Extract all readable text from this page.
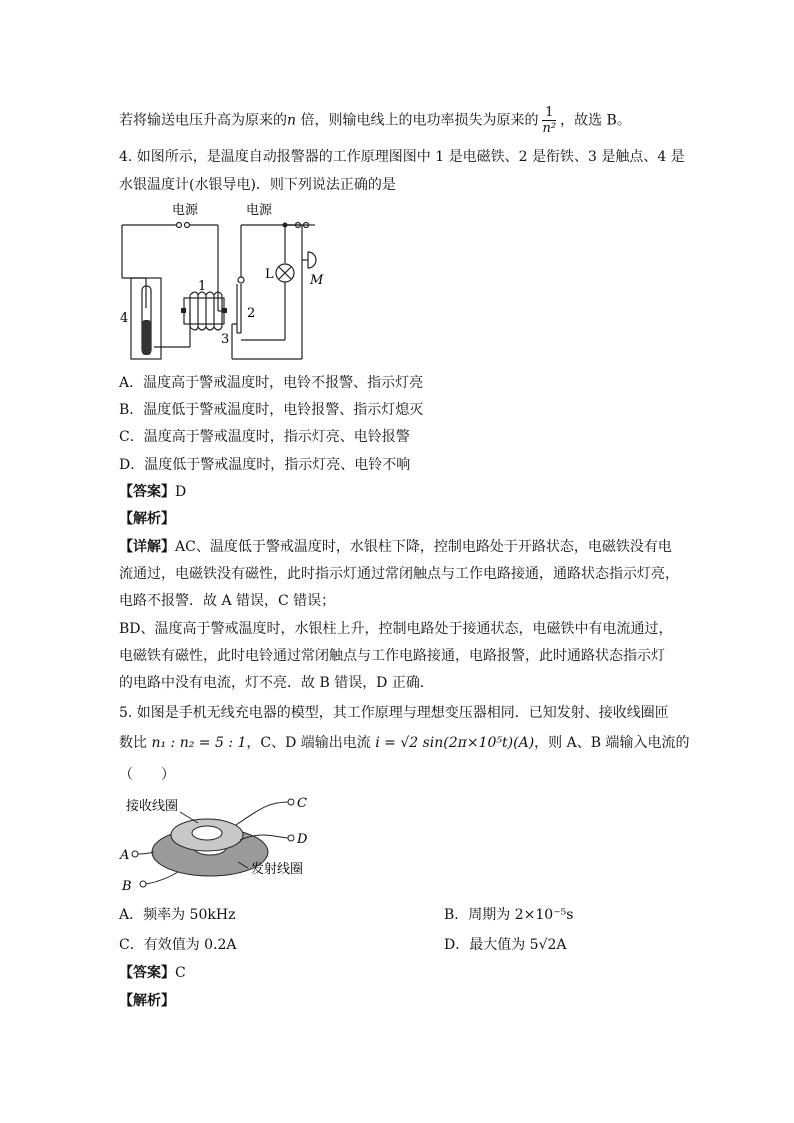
若将输送电压升高为原来的n 倍，则输电线上的电功率损失为原来的 $\frac{1}{\text{n²}}$ ，故选 B。
4. 如图所示，是温度自动报警器的工作原理图图中 1 是电磁铁、2 是衔铁、3 是触点、4 是
水银温度计(水银导电)．则下列说法正确的是
电源	电源
1
2
3
4
L	M
A．温度高于警戒温度时，电铃不报警、指示灯亮
B．温度低于警戒温度时，电铃报警、指示灯熄灭
C．温度高于警戒温度时，指示灯亮、电铃报警
D．温度低于警戒温度时，指示灯亮、电铃不响
【答案】D
【解析】
【详解】AC、温度低于警戒温度时，水银柱下降，控制电路处于开路状态，电磁铁没有电
流通过，电磁铁没有磁性，此时指示灯通过常闭触点与工作电路接通，通路状态指示灯亮，
电路不报警．故 A 错误，C 错误；
BD、温度高于警戒温度时，水银柱上升，控制电路处于接通状态，电磁铁中有电流通过，
电磁铁有磁性，此时电铃通过常闭触点与工作电路接通，电路报警，此时通路状态指示灯
的电路中没有电流，灯不亮．故 B 错误，D 正确．
5. 如图是手机无线充电器的模型，其工作原理与理想变压器相同．已知发射、接收线圈匝
数比 n₁ : n₂ = 5 : 1，C、D 端输出电流 i = √2 sin(2π×10⁵t)(A)，则 A、B 端输入电流的
（　　）
接收线圈
发射线圈
A
B
C
D
A．频率为 50kHz	B．周期为 2×10⁻⁵s
C．有效值为 0.2A	D．最大值为 5√2A
【答案】C
【解析】
